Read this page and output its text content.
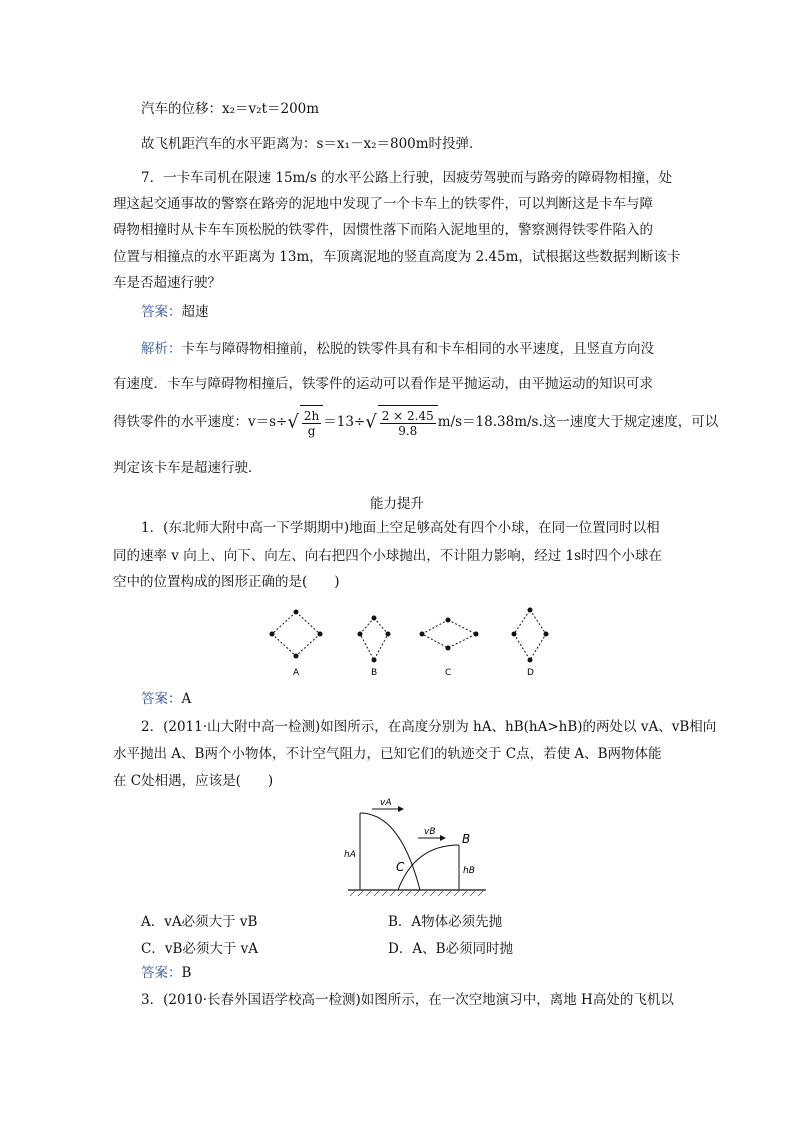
汽车的位移：x₂＝v₂t＝200m
故飞机距汽车的水平距离为：s＝x₁－x₂＝800m时投弹．
7．一卡车司机在限速 15m/s 的水平公路上行驶，因疲劳驾驶而与路旁的障碍物相撞，处
理这起交通事故的警察在路旁的泥地中发现了一个卡车上的铁零件，可以判断这是卡车与障
碍物相撞时从卡车车顶松脱的铁零件，因惯性落下而陷入泥地里的，警察测得铁零件陷入的
位置与相撞点的水平距离为 13m，车顶离泥地的竖直高度为 2.45m，试根据这些数据判断该卡
车是否超速行驶？
答案：超速
解析：卡车与障碍物相撞前，松脱的铁零件具有和卡车相同的水平速度，且竖直方向没
有速度．卡车与障碍物相撞后，铁零件的运动可以看作是平抛运动，由平抛运动的知识可求
得铁零件的水平速度：$v=s\div√ \frac{2h}{g} =13\div√ \frac{2 \times 2.45}{9.8} m/s=18.38m/s$.这一速度大于规定速度，可以
判定该卡车是超速行驶．
能力提升
1．(东北师大附中高一下学期期中)地面上空足够高处有四个小球，在同一位置同时以相
同的速率 v 向上、向下、向左、向右把四个小球抛出，不计阻力影响，经过 1s时四个小球在
空中的位置构成的图形正确的是(　　)
A	B	C	D
答案：A
2．(2011·山大附中高一检测)如图所示，在高度分别为 hA、hB(hA>hB)的两处以 vA、vB相向
水平抛出 A、B两个小物体，不计空气阻力，已知它们的轨迹交于 C点，若使 A、B两物体能
在 C处相遇，应该是(　　)
vA
vB B
C
hA
hB
A．vA必须大于 vB	B．A物体必须先抛
C．vB必须大于 vA	D．A、B必须同时抛
答案：B
3．(2010·长春外国语学校高一检测)如图所示，在一次空地演习中，离地 H高处的飞机以
